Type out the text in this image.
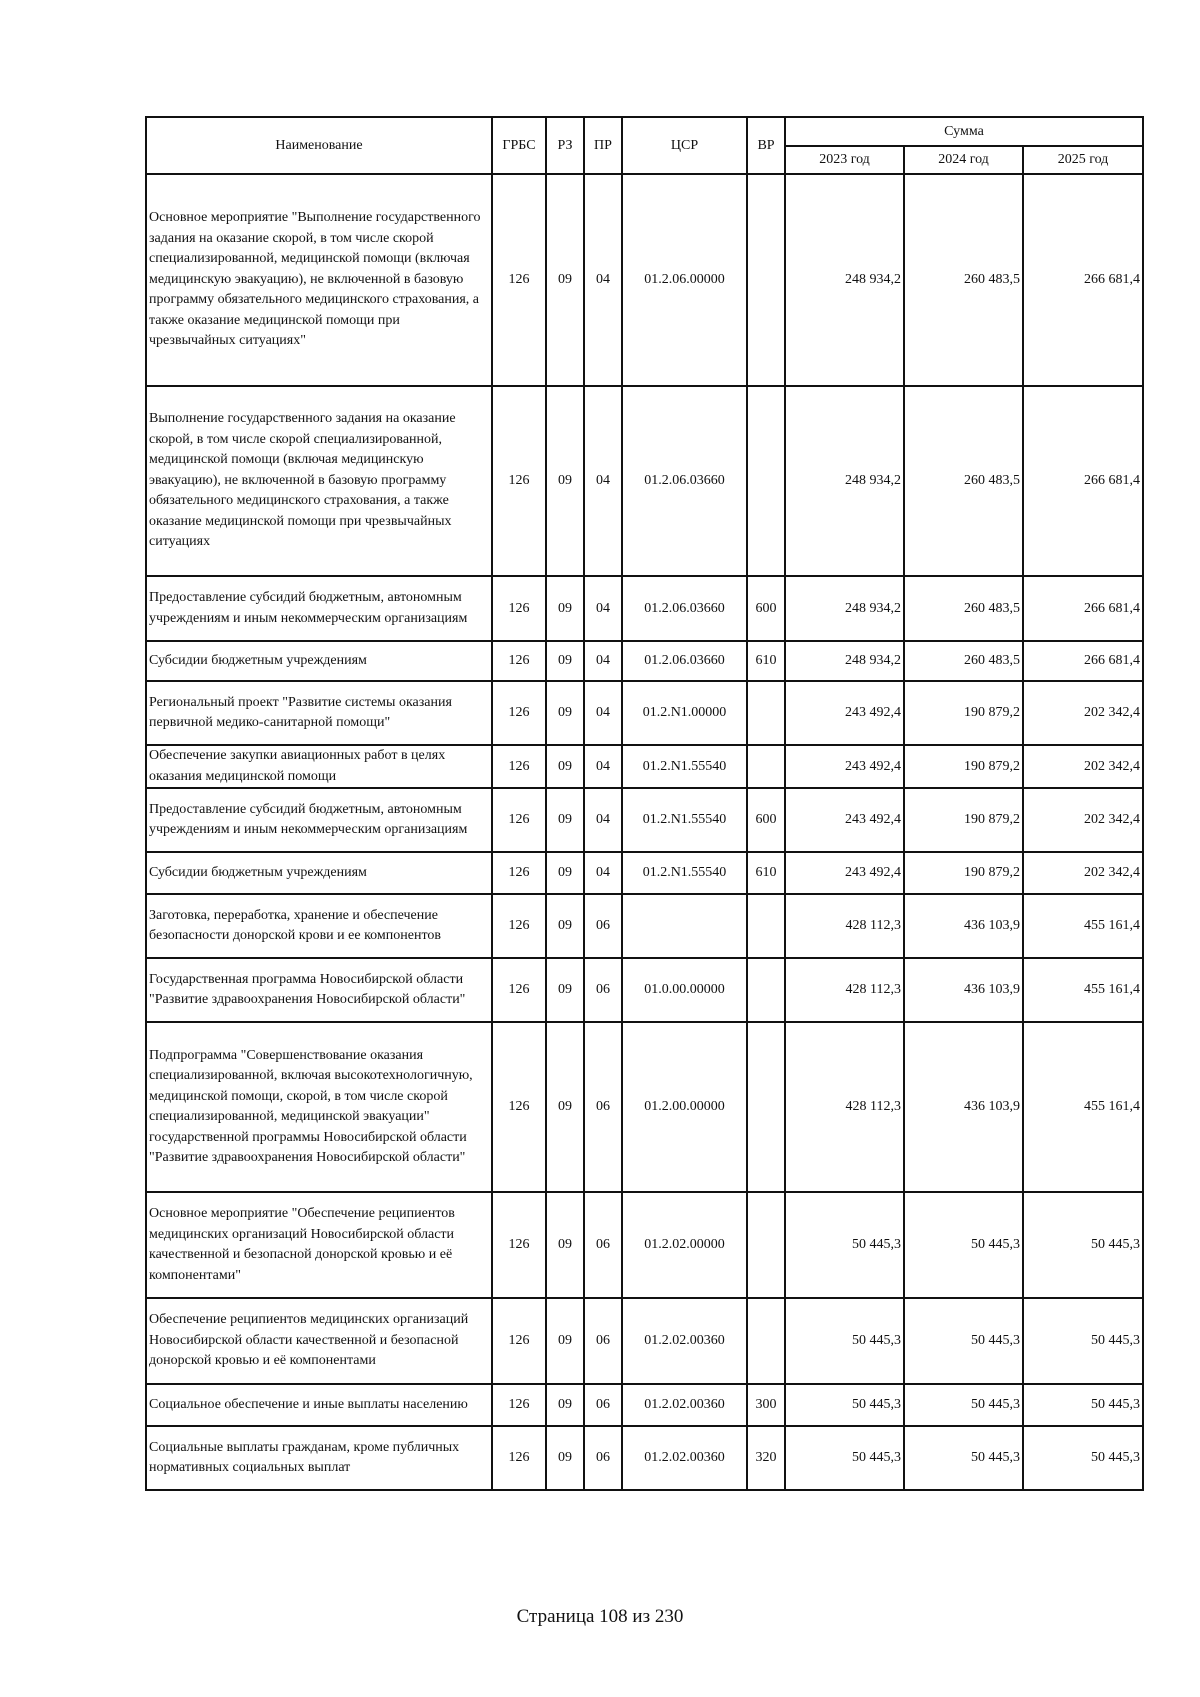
Наименование	ГРБС	РЗ	ПР	ЦСР	ВР	Сумма		
						2023 год	2024 год	2025 год
Основное мероприятие "Выполнение государственного задания на оказание скорой, в том числе скорой специализированной, медицинской помощи (включая медицинскую эвакуацию), не включенной в базовую программу обязательного медицинского страхования, а также оказание медицинской помощи при чрезвычайных ситуациях"	126	09	04	01.2.06.00000		248 934,2	260 483,5	266 681,4
Выполнение государственного задания на оказание скорой, в том числе скорой специализированной, медицинской помощи (включая медицинскую эвакуацию), не включенной в базовую программу обязательного медицинского страхования, а также оказание медицинской помощи при чрезвычайных ситуациях	126	09	04	01.2.06.03660		248 934,2	260 483,5	266 681,4
Предоставление субсидий бюджетным, автономным учреждениям и иным некоммерческим организациям	126	09	04	01.2.06.03660	600	248 934,2	260 483,5	266 681,4
Субсидии бюджетным учреждениям	126	09	04	01.2.06.03660	610	248 934,2	260 483,5	266 681,4
Региональный проект "Развитие системы оказания первичной медико-санитарной помощи"	126	09	04	01.2.N1.00000		243 492,4	190 879,2	202 342,4
Обеспечение закупки авиационных работ в целях оказания медицинской помощи	126	09	04	01.2.N1.55540		243 492,4	190 879,2	202 342,4
Предоставление субсидий бюджетным, автономным учреждениям и иным некоммерческим организациям	126	09	04	01.2.N1.55540	600	243 492,4	190 879,2	202 342,4
Субсидии бюджетным учреждениям	126	09	04	01.2.N1.55540	610	243 492,4	190 879,2	202 342,4
Заготовка, переработка, хранение и обеспечение безопасности донорской крови и ее компонентов	126	09	06			428 112,3	436 103,9	455 161,4
Государственная программа Новосибирской области "Развитие здравоохранения Новосибирской области"	126	09	06	01.0.00.00000		428 112,3	436 103,9	455 161,4
Подпрограмма "Совершенствование оказания специализированной, включая высокотехнологичную, медицинской помощи, скорой, в том числе скорой специализированной, медицинской эвакуации" государственной программы Новосибирской области "Развитие здравоохранения Новосибирской области"	126	09	06	01.2.00.00000		428 112,3	436 103,9	455 161,4
Основное мероприятие "Обеспечение реципиентов медицинских организаций Новосибирской области качественной и безопасной донорской кровью и её компонентами"	126	09	06	01.2.02.00000		50 445,3	50 445,3	50 445,3
Обеспечение реципиентов медицинских организаций Новосибирской области качественной и безопасной донорской кровью и её компонентами	126	09	06	01.2.02.00360		50 445,3	50 445,3	50 445,3
Социальное обеспечение и иные выплаты населению	126	09	06	01.2.02.00360	300	50 445,3	50 445,3	50 445,3
Социальные выплаты гражданам, кроме публичных нормативных социальных выплат	126	09	06	01.2.02.00360	320	50 445,3	50 445,3	50 445,3
Страница 108 из 230
